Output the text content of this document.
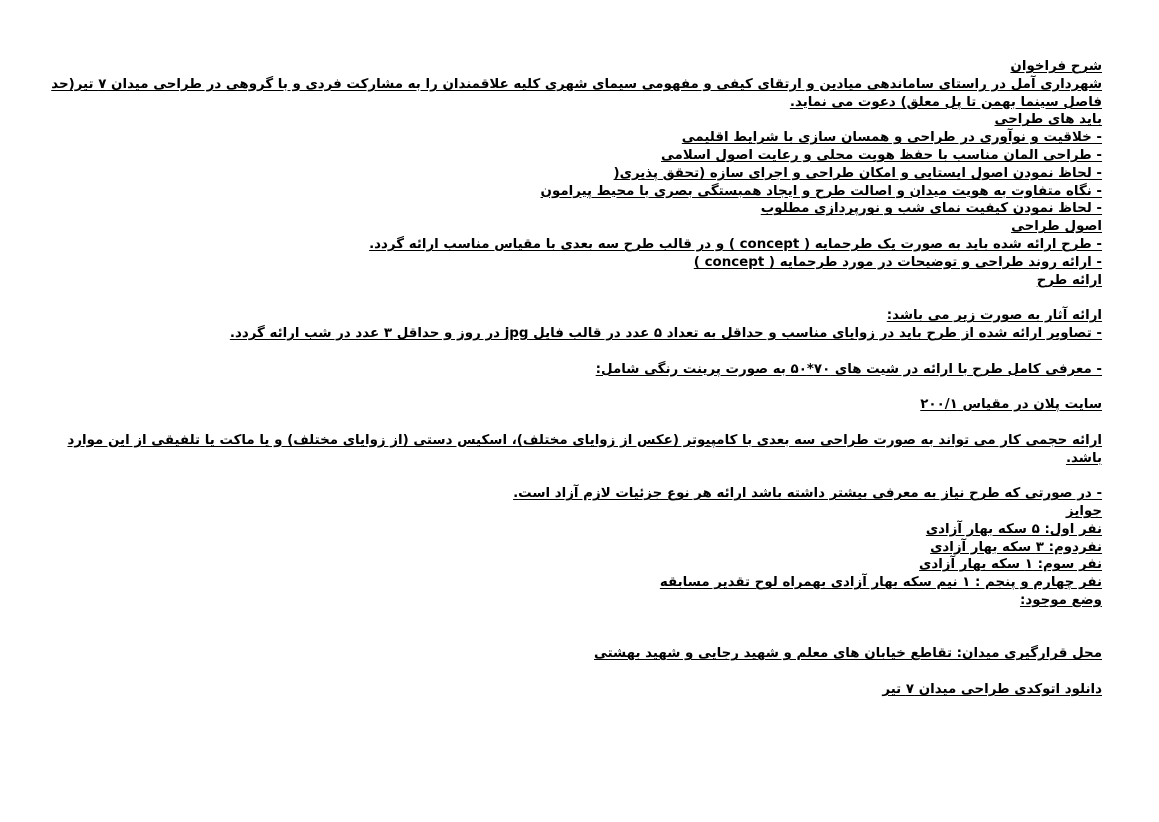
شرح فراخوان
شهرداری آمل در راستای ساماندهی میادین و ارتقای کیفی و مفهومی سیمای شهری کلیه علاقمندان را به مشارکت فردی و با گروهی در طراحی میدان ۷ تیر(حد فاصل سینما بهمن تا پل معلق) دعوت می نماید.
باید های طراحی
- خلاقیت و نوآوری در طراحی و همسان سازی با شرایط اقلیمی
- طراحی المان مناسب با حفظ هویت محلی و رعایت اصول اسلامی
- لحاظ نمودن اصول ایستایی و امکان طراحی و اجرای سازه (تحقق پذیری(
- نگاه متفاوت به هویت میدان و اصالت طرح و ایجاد همبستگی بصری با محیط پیرامون
- لحاظ نمودن کیفیت نمای شب و نورپردازی مطلوب
اصول طراحی
- طرح ارائه شده باید به صورت یک طرحمایه ( concept ) و در قالب طرح سه بعدی با مقیاس مناسب ارائه گردد.
- ارائه روند طراحی و توضیحات در مورد طرحمایه ( concept )
ارائه طرح
ارائه آثار به صورت زیر می باشد:
- تصاویر ارائه شده از طرح باید در زوایای مناسب و حداقل به تعداد ۵ عدد در قالب فایل jpg در روز و حداقل ۳ عدد در شب ارائه گردد.
- معرفی کامل طرح با ارائه در شیت های ۷۰*۵۰ به صورت پرینت رنگی شامل:
سایت پلان در مقیاس ۲۰۰/۱
ارائه حجمی کار می تواند به صورت طراحی سه بعدی با کامپیوتر (عکس از زوایای مختلف)، اسکیس دستی (از زوایای مختلف) و یا ماکت یا تلفیقی از این موارد باشد.
- در صورتی که طرح نیاز به معرفی بیشتر داشته باشد ارائه هر نوع جزئیات لازم آزاد است.
جوایز
نفر اول: ۵ سکه بهار آزادی
نفردوم: ۳ سکه بهار آزادی
نفر سوم: ۱ سکه بهار آزادی
نفر چهارم و پنجم : ۱ نیم سکه بهار آزادی بهمراه لوح تقدیر مسابقه
وضع موجود:
محل قرارگیری میدان: تقاطع خیابان های معلم و شهید رجایی و شهید بهشتی
دانلود اتوکدی طراحی میدان ۷ تیر
